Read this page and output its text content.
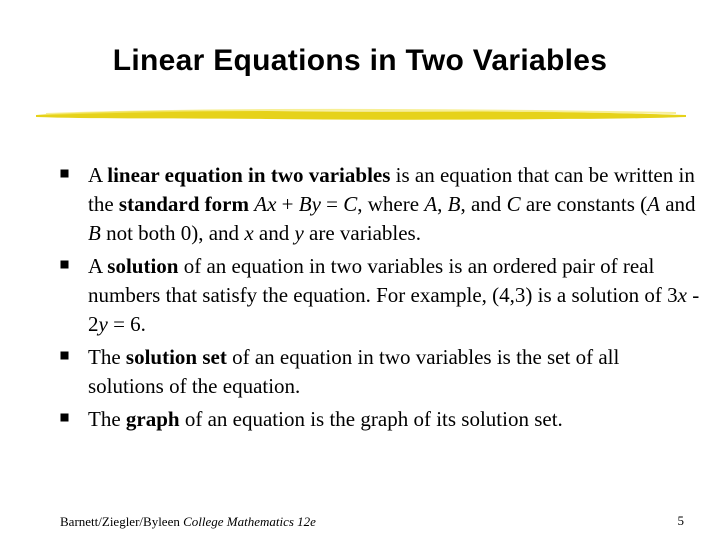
Linear Equations in Two Variables
A linear equation in two variables is an equation that can be written in the standard form Ax + By = C, where A, B, and C are constants (A and B not both 0), and x and y are variables.
A solution of an equation in two variables is an ordered pair of real numbers that satisfy the equation. For example, (4,3) is a solution of 3x - 2y = 6.
The solution set of an equation in two variables is the set of all solutions of the equation.
The graph of an equation is the graph of its solution set.
Barnett/Ziegler/Byleen College Mathematics 12e	5
